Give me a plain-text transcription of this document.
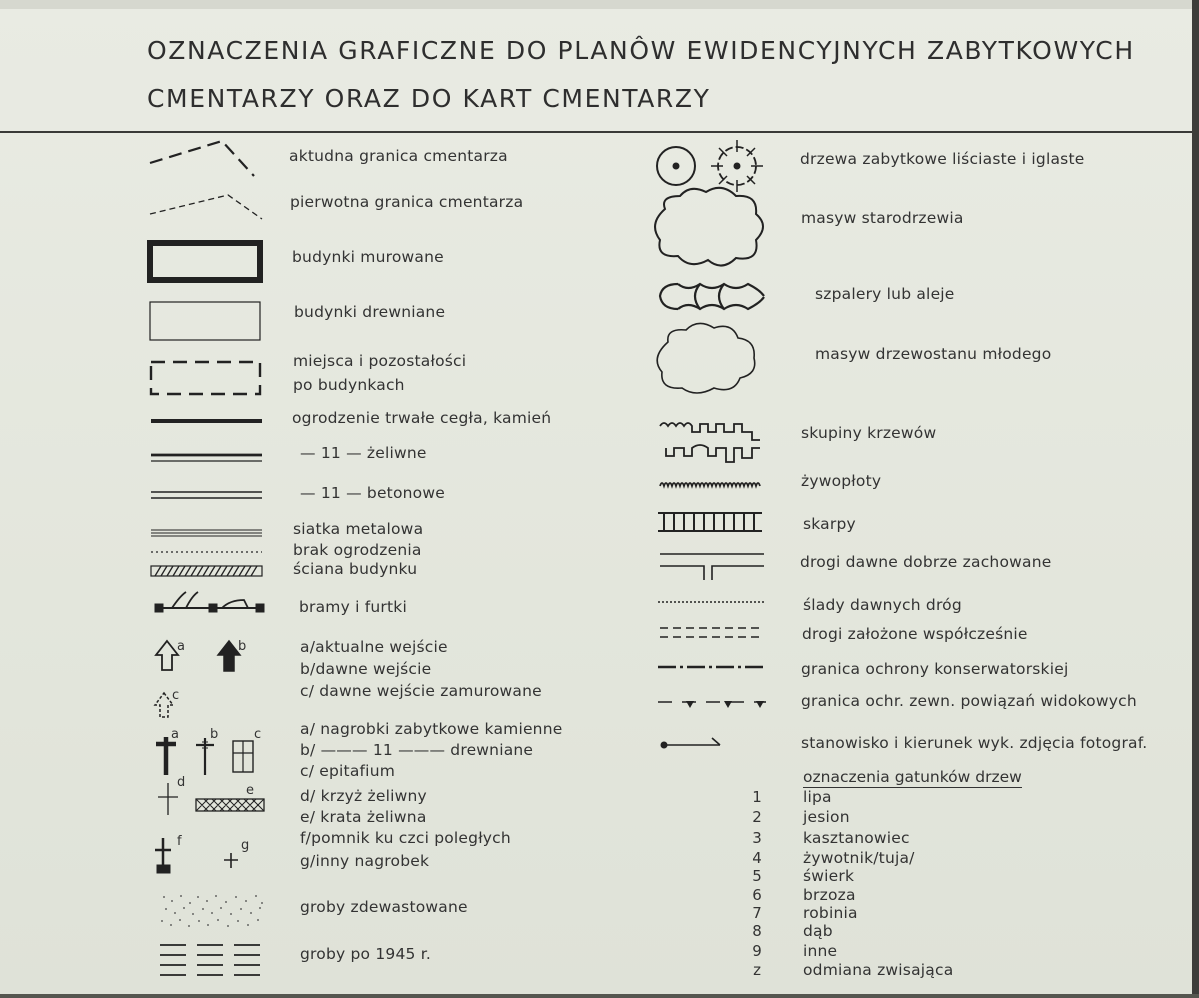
OZNACZENIA GRAFICZNE DO PLANÔW EWIDENCYJNYCH ZABYTKOWYCH
CMENTARZY ORAZ DO KART CMENTARZY
aktudna granica cmentarza
pierwotna granica cmentarza
budynki murowane
budynki drewniane
miejsca i pozostałości
po budynkach
ogrodzenie trwałe cegła, kamień
— 11 — żeliwne
— 11 — betonowe
siatka metalowa
brak ogrodzenia
ściana budynku
bramy i furtki
a/aktualne wejście
b/dawne wejście
c/ dawne wejście zamurowane
a/ nagrobki zabytkowe kamienne
b/ ——— 11 ——— drewniane
c/ epitafium
d/ krzyż żeliwny
e/ krata żeliwna
f/pomnik ku czci poległych
g/inny nagrobek
groby zdewastowane
groby po 1945 r.
a	b
c
a b	c
d
e
f	g
drzewa zabytkowe liściaste i iglaste
masyw starodrzewia
szpalery lub aleje
masyw drzewostanu młodego
skupiny krzewów
żywopłoty
skarpy
drogi dawne dobrze zachowane
ślady dawnych dróg
drogi założone współcześnie
granica ochrony konserwatorskiej
granica ochr. zewn. powiązań widokowych
stanowisko i kierunek wyk. zdjęcia fotograf.
oznaczenia gatunków drzew
1	lipa
2	jesion
3	kasztanowiec
4	żywotnik/tuja/
5	świerk
6	brzoza
7	robinia
8	dąb
9	inne
z	odmiana zwisająca
